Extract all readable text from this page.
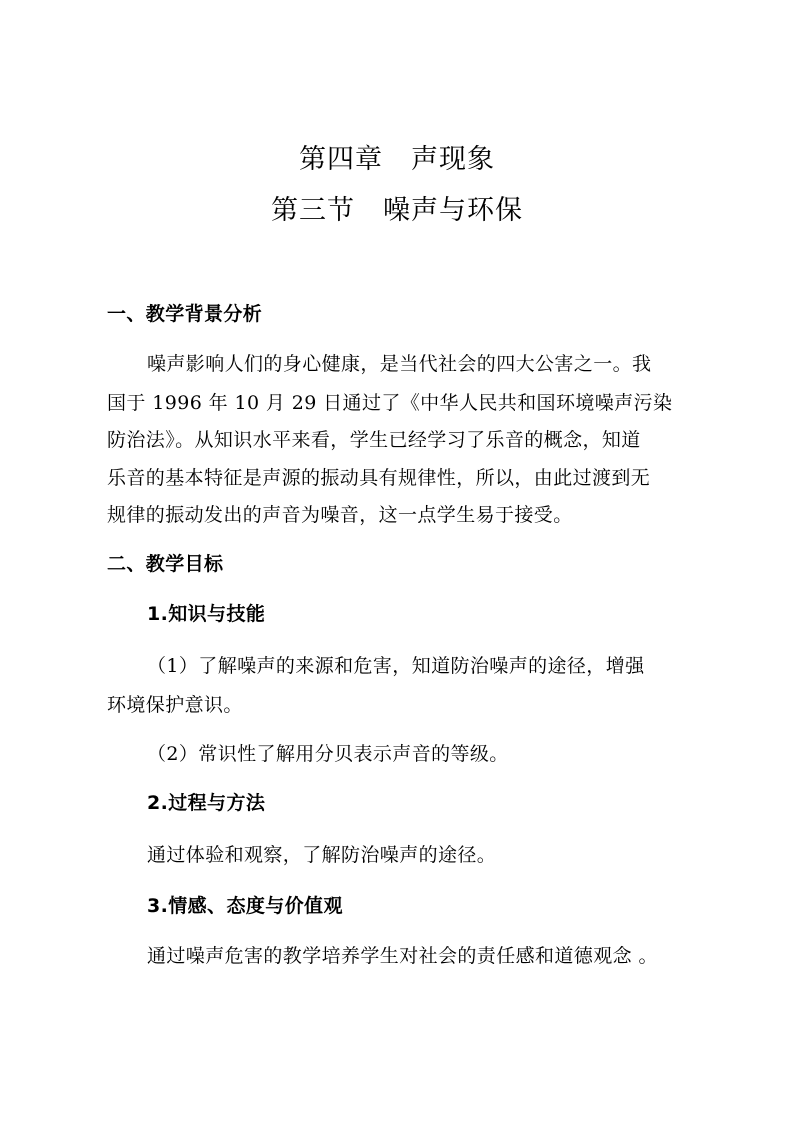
第四章　声现象
第三节　噪声与环保
一、教学背景分析
噪声影响人们的身心健康，是当代社会的四大公害之一。我
国于 1996 年 10 月 29 日通过了《中华人民共和国环境噪声污染
防治法》。从知识水平来看，学生已经学习了乐音的概念，知道
乐音的基本特征是声源的振动具有规律性，所以，由此过渡到无
规律的振动发出的声音为噪音，这一点学生易于接受。
二、教学目标
1.知识与技能
（1）了解噪声的来源和危害，知道防治噪声的途径，增强
环境保护意识。
（2）常识性了解用分贝表示声音的等级。
2.过程与方法
通过体验和观察，了解防治噪声的途径。
3.情感、态度与价值观
通过噪声危害的教学培养学生对社会的责任感和道德观念 。
